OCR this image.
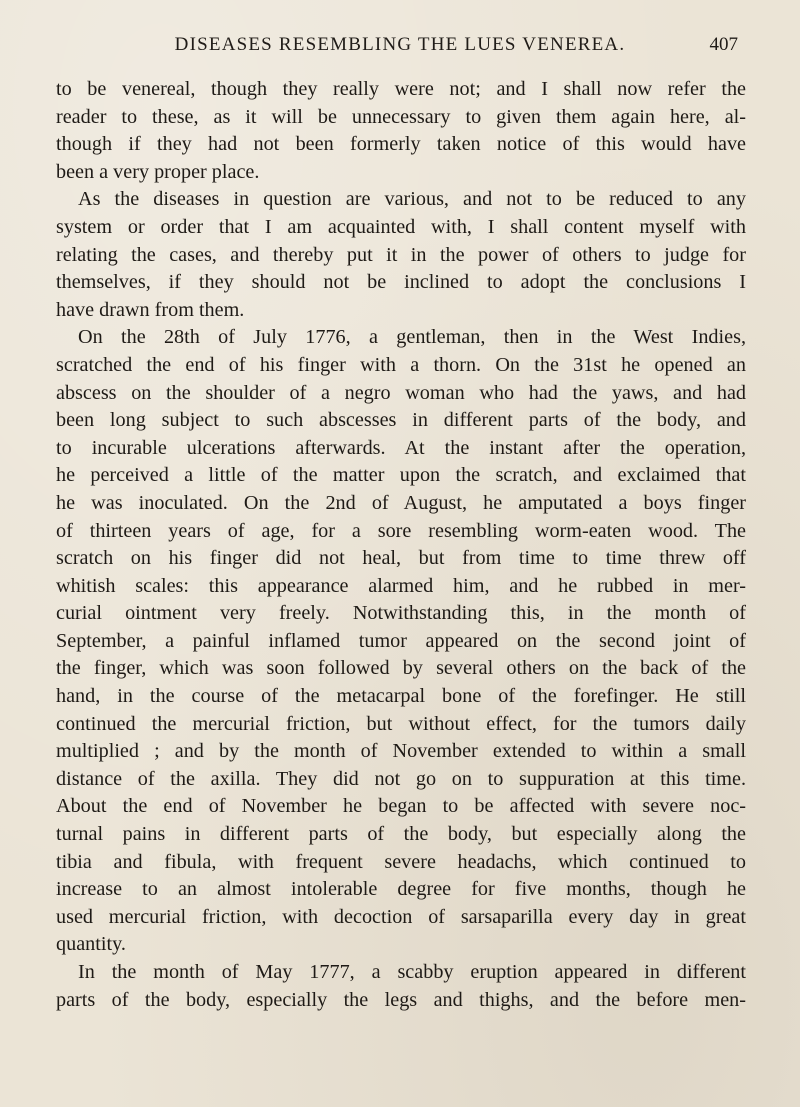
DISEASES RESEMBLING THE LUES VENEREA.	407
to be venereal, though they really were not; and I shall now refer the
reader to these, as it will be unnecessary to given them again here, al-
though if they had not been formerly taken notice of this would have
been a very proper place.
As the diseases in question are various, and not to be reduced to any
system or order that I am acquainted with, I shall content myself with
relating the cases, and thereby put it in the power of others to judge for
themselves, if they should not be inclined to adopt the conclusions I
have drawn from them.
On the 28th of July 1776, a gentleman, then in the West Indies,
scratched the end of his finger with a thorn. On the 31st he opened an
abscess on the shoulder of a negro woman who had the yaws, and had
been long subject to such abscesses in different parts of the body, and
to incurable ulcerations afterwards. At the instant after the operation,
he perceived a little of the matter upon the scratch, and exclaimed that
he was inoculated. On the 2nd of August, he amputated a boys finger
of thirteen years of age, for a sore resembling worm-eaten wood. The
scratch on his finger did not heal, but from time to time threw off
whitish scales: this appearance alarmed him, and he rubbed in mer-
curial ointment very freely. Notwithstanding this, in the month of
September, a painful inflamed tumor appeared on the second joint of
the finger, which was soon followed by several others on the back of the
hand, in the course of the metacarpal bone of the forefinger. He still
continued the mercurial friction, but without effect, for the tumors daily
multiplied ; and by the month of November extended to within a small
distance of the axilla. They did not go on to suppuration at this time.
About the end of November he began to be affected with severe noc-
turnal pains in different parts of the body, but especially along the
tibia and fibula, with frequent severe headachs, which continued to
increase to an almost intolerable degree for five months, though he
used mercurial friction, with decoction of sarsaparilla every day in great
quantity.
In the month of May 1777, a scabby eruption appeared in different
parts of the body, especially the legs and thighs, and the before men-
